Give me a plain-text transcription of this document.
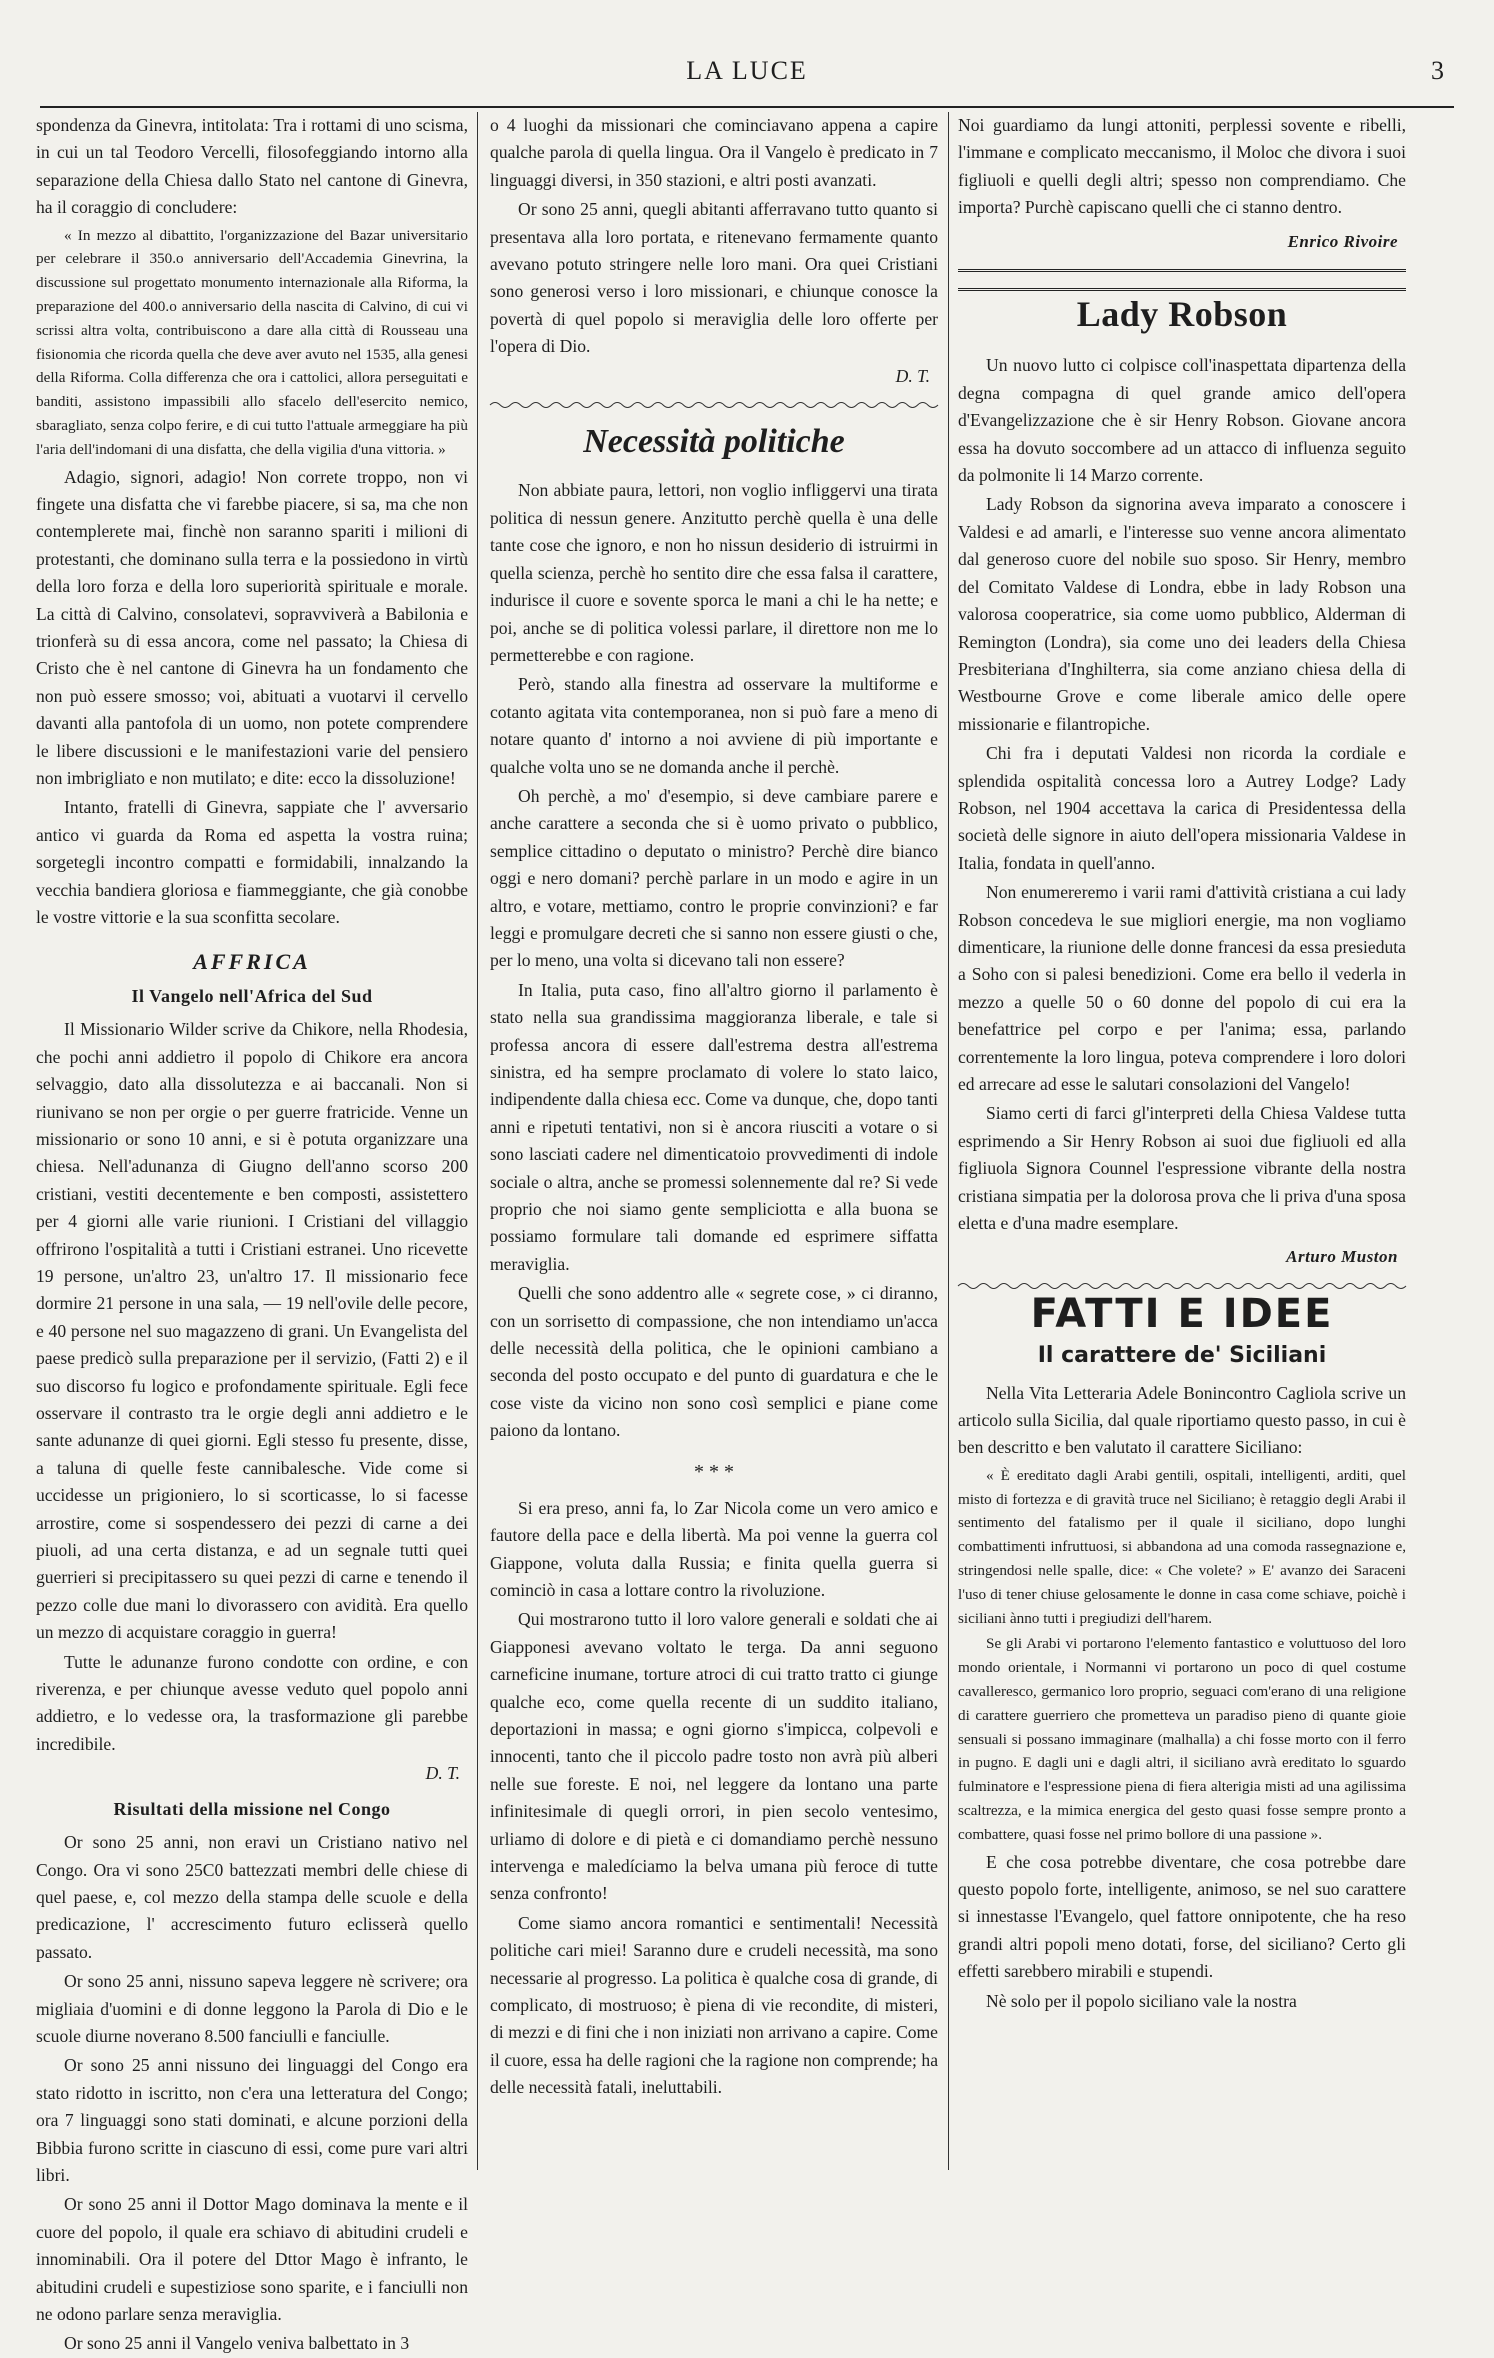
LA LUCE	3

spondenza da Ginevra, intitolata: Tra i rottami di uno scisma, in cui un tal Teodoro Vercelli, filosofeggiando intorno alla separazione della Chiesa dallo Stato nel cantone di Ginevra, ha il coraggio di concludere:

« In mezzo al dibattito, l'organizzazione del Bazar universitario per celebrare il 350.o anniversario dell'Accademia Ginevrina, la discussione sul progettato monumento internazionale alla Riforma, la preparazione del 400.o anniversario della nascita di Calvino, di cui vi scrissi altra volta, contribuiscono a dare alla città di Rousseau una fisionomia che ricorda quella che deve aver avuto nel 1535, alla genesi della Riforma. Colla differenza che ora i cattolici, allora perseguitati e banditi, assistono impassibili allo sfacelo dell'esercito nemico, sbaragliato, senza colpo ferire, e di cui tutto l'attuale armeggiare ha più l'aria dell'indomani di una disfatta, che della vigilia d'una vittoria. »

Adagio, signori, adagio! Non correte troppo, non vi fingete una disfatta che vi farebbe piacere, si sa, ma che non contemplerete mai, finchè non saranno spariti i milioni di protestanti, che dominano sulla terra e la possiedono in virtù della loro forza e della loro superiorità spirituale e morale. La città di Calvino, consolatevi, sopravviverà a Babilonia e trionferà su di essa ancora, come nel passato; la Chiesa di Cristo che è nel cantone di Ginevra ha un fondamento che non può essere smosso; voi, abituati a vuotarvi il cervello davanti alla pantofola di un uomo, non potete comprendere le libere discussioni e le manifestazioni varie del pensiero non imbrigliato e non mutilato; e dite: ecco la dissoluzione!

Intanto, fratelli di Ginevra, sappiate che l' avversario antico vi guarda da Roma ed aspetta la vostra ruina; sorgetegli incontro compatti e formidabili, innalzando la vecchia bandiera gloriosa e fiammeggiante, che già conobbe le vostre vittorie e la sua sconfitta secolare.

AFFRICA
Il Vangelo nell'Africa del Sud

Il Missionario Wilder scrive da Chikore, nella Rhodesia, che pochi anni addietro il popolo di Chikore era ancora selvaggio, dato alla dissolutezza e ai baccanali. Non si riunivano se non per orgie o per guerre fratricide. Venne un missionario or sono 10 anni, e si è potuta organizzare una chiesa. Nell'adunanza di Giugno dell'anno scorso 200 cristiani, vestiti decentemente e ben composti, assistettero per 4 giorni alle varie riunioni. I Cristiani del villaggio offrirono l'ospitalità a tutti i Cristiani estranei. Uno ricevette 19 persone, un'altro 23, un'altro 17. Il missionario fece dormire 21 persone in una sala, — 19 nell'ovile delle pecore, e 40 persone nel suo magazzeno di grani. Un Evangelista del paese predicò sulla preparazione per il servizio, (Fatti 2) e il suo discorso fu logico e profondamente spirituale. Egli fece osservare il contrasto tra le orgie degli anni addietro e le sante adunanze di quei giorni. Egli stesso fu presente, disse, a taluna di quelle feste cannibalesche. Vide come si uccidesse un prigioniero, lo si scorticasse, lo si facesse arrostire, come si sospendessero dei pezzi di carne a dei piuoli, ad una certa distanza, e ad un segnale tutti quei guerrieri si precipitassero su quei pezzi di carne e tenendo il pezzo colle due mani lo divorassero con avidità. Era quello un mezzo di acquistare coraggio in guerra!

Tutte le adunanze furono condotte con ordine, e con riverenza, e per chiunque avesse veduto quel popolo anni addietro, e lo vedesse ora, la trasformazione gli parebbe incredibile.

D. T.
Risultati della missione nel Congo

Or sono 25 anni, non eravi un Cristiano nativo nel Congo. Ora vi sono 25C0 battezzati membri delle chiese di quel paese, e, col mezzo della stampa delle scuole e della predicazione, l' accrescimento futuro eclisserà quello passato.

Or sono 25 anni, nissuno sapeva leggere nè scrivere; ora migliaia d'uomini e di donne leggono la Parola di Dio e le scuole diurne noverano 8.500 fanciulli e fanciulle.

Or sono 25 anni nissuno dei linguaggi del Congo era stato ridotto in iscritto, non c'era una letteratura del Congo; ora 7 linguaggi sono stati dominati, e alcune porzioni della Bibbia furono scritte in ciascuno di essi, come pure vari altri libri.

Or sono 25 anni il Dottor Mago dominava la mente e il cuore del popolo, il quale era schiavo di abitudini crudeli e innominabili. Ora il potere del Dttor Mago è infranto, le abitudini crudeli e supestiziose sono sparite, e i fanciulli non ne odono parlare senza meraviglia.

Or sono 25 anni il Vangelo veniva balbettato in 3

o 4 luoghi da missionari che cominciavano appena a capire qualche parola di quella lingua. Ora il Vangelo è predicato in 7 linguaggi diversi, in 350 stazioni, e altri posti avanzati.

Or sono 25 anni, quegli abitanti afferravano tutto quanto si presentava alla loro portata, e ritenevano fermamente quanto avevano potuto stringere nelle loro mani. Ora quei Cristiani sono generosi verso i loro missionari, e chiunque conosce la povertà di quel popolo si meraviglia delle loro offerte per l'opera di Dio.

D. T.
Necessità politiche

Non abbiate paura, lettori, non voglio infliggervi una tirata politica di nessun genere. Anzitutto perchè quella è una delle tante cose che ignoro, e non ho nissun desiderio di istruirmi in quella scienza, perchè ho sentito dire che essa falsa il carattere, indurisce il cuore e sovente sporca le mani a chi le ha nette; e poi, anche se di politica volessi parlare, il direttore non me lo permetterebbe e con ragione.

Però, stando alla finestra ad osservare la multiforme e cotanto agitata vita contemporanea, non si può fare a meno di notare quanto d' intorno a noi avviene di più importante e qualche volta uno se ne domanda anche il perchè.

Oh perchè, a mo' d'esempio, si deve cambiare parere e anche carattere a seconda che si è uomo privato o pubblico, semplice cittadino o deputato o ministro? Perchè dire bianco oggi e nero domani? perchè parlare in un modo e agire in un altro, e votare, mettiamo, contro le proprie convinzioni? e far leggi e promulgare decreti che si sanno non essere giusti o che, per lo meno, una volta si dicevano tali non essere?

In Italia, puta caso, fino all'altro giorno il parlamento è stato nella sua grandissima maggioranza liberale, e tale si professa ancora di essere dall'estrema destra all'estrema sinistra, ed ha sempre proclamato di volere lo stato laico, indipendente dalla chiesa ecc. Come va dunque, che, dopo tanti anni e ripetuti tentativi, non si è ancora riusciti a votare o si sono lasciati cadere nel dimenticatoio provvedimenti di indole sociale o altra, anche se promessi solennemente dal re? Si vede proprio che noi siamo gente sempliciotta e alla buona se possiamo formulare tali domande ed esprimere siffatta meraviglia.

Quelli che sono addentro alle « segrete cose, » ci diranno, con un sorrisetto di compassione, che non intendiamo un'acca delle necessità della politica, che le opinioni cambiano a seconda del posto occupato e del punto di guardatura e che le cose viste da vicino non sono così semplici e piane come paiono da lontano.

* * *

Si era preso, anni fa, lo Zar Nicola come un vero amico e fautore della pace e della libertà. Ma poi venne la guerra col Giappone, voluta dalla Russia; e finita quella guerra si cominciò in casa a lottare contro la rivoluzione.

Qui mostrarono tutto il loro valore generali e soldati che ai Giapponesi avevano voltato le terga. Da anni seguono carneficine inumane, torture atroci di cui tratto tratto ci giunge qualche eco, come quella recente di un suddito italiano, deportazioni in massa; e ogni giorno s'impicca, colpevoli e innocenti, tanto che il piccolo padre tosto non avrà più alberi nelle sue foreste. E noi, nel leggere da lontano una parte infinitesimale di quegli orrori, in pien secolo ventesimo, urliamo di dolore e di pietà e ci domandiamo perchè nessuno intervenga e maledíciamo la belva umana più feroce di tutte senza confronto!

Come siamo ancora romantici e sentimentali! Necessità politiche cari miei! Saranno dure e crudeli necessità, ma sono necessarie al progresso. La politica è qualche cosa di grande, di complicato, di mostruoso; è piena di vie recondite, di misteri, di mezzi e di fini che i non iniziati non arrivano a capire. Come il cuore, essa ha delle ragioni che la ragione non comprende; ha delle necessità fatali, ineluttabili.

Noi guardiamo da lungi attoniti, perplessi sovente e ribelli, l'immane e complicato meccanismo, il Moloc che divora i suoi figliuoli e quelli degli altri; spesso non comprendiamo. Che importa? Purchè capiscano quelli che ci stanno dentro.

Enrico Rivoire
Lady Robson

Un nuovo lutto ci colpisce coll'inaspettata dipartenza della degna compagna di quel grande amico dell'opera d'Evangelizzazione che è sir Henry Robson. Giovane ancora essa ha dovuto soccombere ad un attacco di influenza seguito da polmonite li 14 Marzo corrente.

Lady Robson da signorina aveva imparato a conoscere i Valdesi e ad amarli, e l'interesse suo venne ancora alimentato dal generoso cuore del nobile suo sposo. Sir Henry, membro del Comitato Valdese di Londra, ebbe in lady Robson una valorosa cooperatrice, sia come uomo pubblico, Alderman di Remington (Londra), sia come uno dei leaders della Chiesa Presbiteriana d'Inghilterra, sia come anziano chiesa della di Westbourne Grove e come liberale amico delle opere missionarie e filantropiche.

Chi fra i deputati Valdesi non ricorda la cordiale e splendida ospitalità concessa loro a Autrey Lodge? Lady Robson, nel 1904 accettava la carica di Presidentessa della società delle signore in aiuto dell'opera missionaria Valdese in Italia, fondata in quell'anno.

Non enumereremo i varii rami d'attività cristiana a cui lady Robson concedeva le sue migliori energie, ma non vogliamo dimenticare, la riunione delle donne francesi da essa presieduta a Soho con si palesi benedizioni. Come era bello il vederla in mezzo a quelle 50 o 60 donne del popolo di cui era la benefattrice pel corpo e per l'anima; essa, parlando correntemente la loro lingua, poteva comprendere i loro dolori ed arrecare ad esse le salutari consolazioni del Vangelo!

Siamo certi di farci gl'interpreti della Chiesa Valdese tutta esprimendo a Sir Henry Robson ai suoi due figliuoli ed alla figliuola Signora Counnel l'espressione vibrante della nostra cristiana simpatia per la dolorosa prova che li priva d'una sposa eletta e d'una madre esemplare.

Arturo Muston
FATTI E IDEE
Il carattere de' Siciliani

Nella Vita Letteraria Adele Bonincontro Cagliola scrive un articolo sulla Sicilia, dal quale riportiamo questo passo, in cui è ben descritto e ben valutato il carattere Siciliano:

« È ereditato dagli Arabi gentili, ospitali, intelligenti, arditi, quel misto di fortezza e di gravità truce nel Siciliano; è retaggio degli Arabi il sentimento del fatalismo per il quale il siciliano, dopo lunghi combattimenti infruttuosi, si abbandona ad una comoda rassegnazione e, stringendosi nelle spalle, dice: « Che volete? » E' avanzo dei Saraceni l'uso di tener chiuse gelosamente le donne in casa come schiave, poichè i siciliani ànno tutti i pregiudizi dell'harem.

Se gli Arabi vi portarono l'elemento fantastico e voluttuoso del loro mondo orientale, i Normanni vi portarono un poco di quel costume cavalleresco, germanico loro proprio, seguaci com'erano di una religione di carattere guerriero che prometteva un paradiso pieno di quante gioie sensuali si possano immaginare (malhalla) a chi fosse morto con il ferro in pugno. E dagli uni e dagli altri, il siciliano avrà ereditato lo sguardo fulminatore e l'espressione piena di fiera alterigia misti ad una agilissima scaltrezza, e la mimica energica del gesto quasi fosse sempre pronto a combattere, quasi fosse nel primo bollore di una passione ».

E che cosa potrebbe diventare, che cosa potrebbe dare questo popolo forte, intelligente, animoso, se nel suo carattere si innestasse l'Evangelo, quel fattore onnipotente, che ha reso grandi altri popoli meno dotati, forse, del siciliano? Certo gli effetti sarebbero mirabili e stupendi.

Nè solo per il popolo siciliano vale la nostra
